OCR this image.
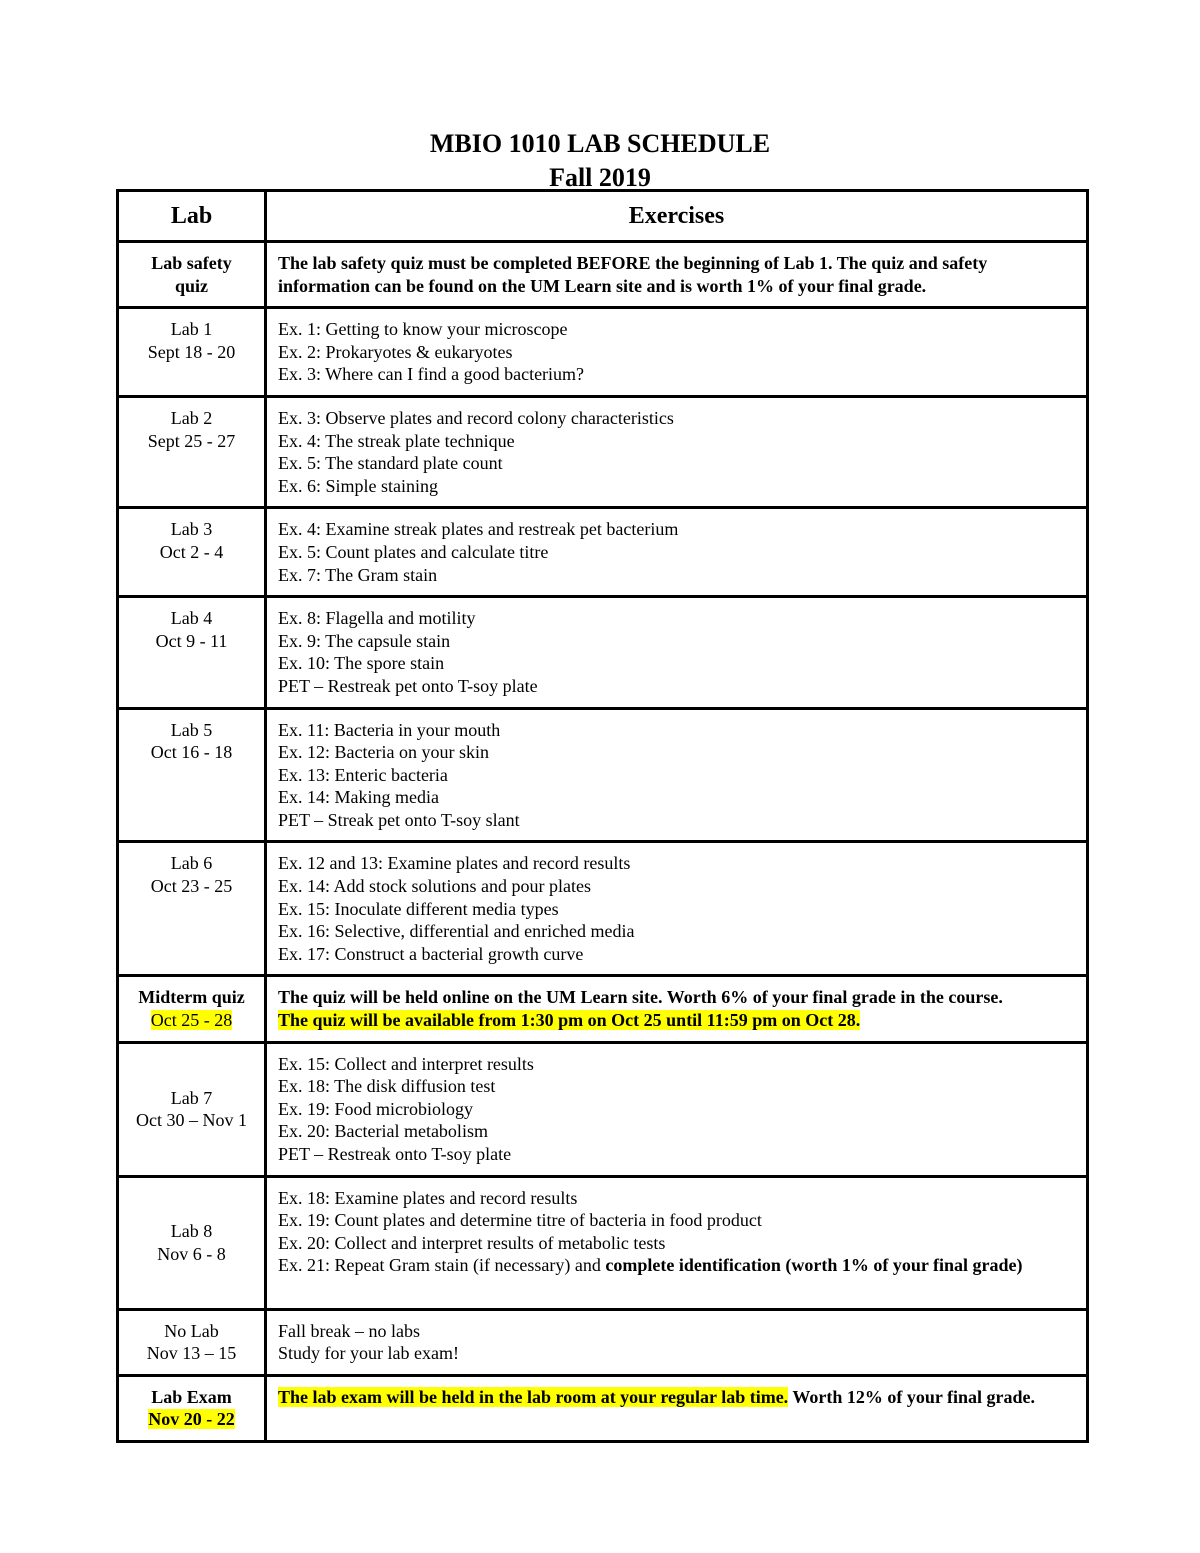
MBIO 1010 LAB SCHEDULE
Fall 2019
Lab	Exercises

Lab safety
quiz	The lab safety quiz must be completed BEFORE the beginning of Lab 1. The quiz and safety
information can be found on the UM Learn site and is worth 1% of your final grade.

Lab 1
Sept 18 - 20	Ex. 1: Getting to know your microscope
Ex. 2: Prokaryotes & eukaryotes
Ex. 3: Where can I find a good bacterium?

Lab 2
Sept 25 - 27	Ex. 3: Observe plates and record colony characteristics
Ex. 4: The streak plate technique
Ex. 5: The standard plate count
Ex. 6: Simple staining

Lab 3
Oct 2 - 4	Ex. 4: Examine streak plates and restreak pet bacterium
Ex. 5: Count plates and calculate titre
Ex. 7: The Gram stain

Lab 4
Oct 9 - 11	Ex. 8: Flagella and motility
Ex. 9: The capsule stain
Ex. 10: The spore stain
PET – Restreak pet onto T-soy plate

Lab 5
Oct 16 - 18	Ex. 11: Bacteria in your mouth
Ex. 12: Bacteria on your skin
Ex. 13: Enteric bacteria
Ex. 14: Making media
PET – Streak pet onto T-soy slant

Lab 6
Oct 23 - 25	Ex. 12 and 13: Examine plates and record results
Ex. 14: Add stock solutions and pour plates
Ex. 15: Inoculate different media types
Ex. 16: Selective, differential and enriched media
Ex. 17: Construct a bacterial growth curve

Midterm quiz
Oct 25 - 28	The quiz will be held online on the UM Learn site. Worth 6% of your final grade in the course.
The quiz will be available from 1:30 pm on Oct 25 until 11:59 pm on Oct 28.

Lab 7
Oct 30 – Nov 1	Ex. 15: Collect and interpret results
Ex. 18: The disk diffusion test
Ex. 19: Food microbiology
Ex. 20: Bacterial metabolism
PET – Restreak onto T-soy plate

Lab 8
Nov 6 - 8	Ex. 18: Examine plates and record results
Ex. 19: Count plates and determine titre of bacteria in food product
Ex. 20: Collect and interpret results of metabolic tests
Ex. 21: Repeat Gram stain (if necessary) and complete identification (worth 1% of your final grade)

No Lab
Nov 13 – 15	Fall break – no labs
Study for your lab exam!

Lab Exam
Nov 20 - 22	The lab exam will be held in the lab room at your regular lab time. Worth 12% of your final grade.
